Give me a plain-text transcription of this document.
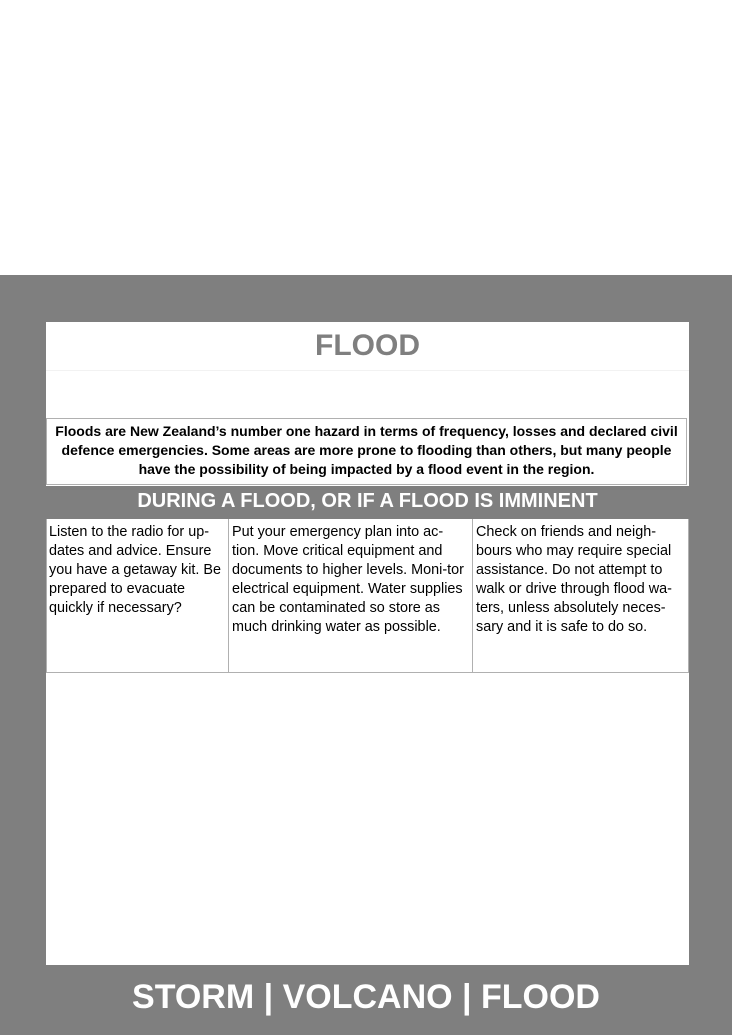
FLOOD
Floods are New Zealand’s number one hazard in terms of frequency, losses and declared civil defence emergencies. Some areas are more prone to flooding than others, but many people have the possibility of being impacted by a flood event in the region.
DURING A FLOOD, OR IF A FLOOD IS IMMINENT
Listen to the radio for up-dates and advice. Ensure you have a getaway kit. Be prepared to evacuate quickly if necessary?
Put your emergency plan into ac-tion. Move critical equipment and documents to higher levels. Moni-tor electrical equipment. Water supplies can be contaminated so store as much drinking water as possible.
Check on friends and neigh-bours who may require special assistance. Do not attempt to walk or drive through flood wa-ters, unless absolutely neces-sary and it is safe to do so.
STORM | VOLCANO | FLOOD
